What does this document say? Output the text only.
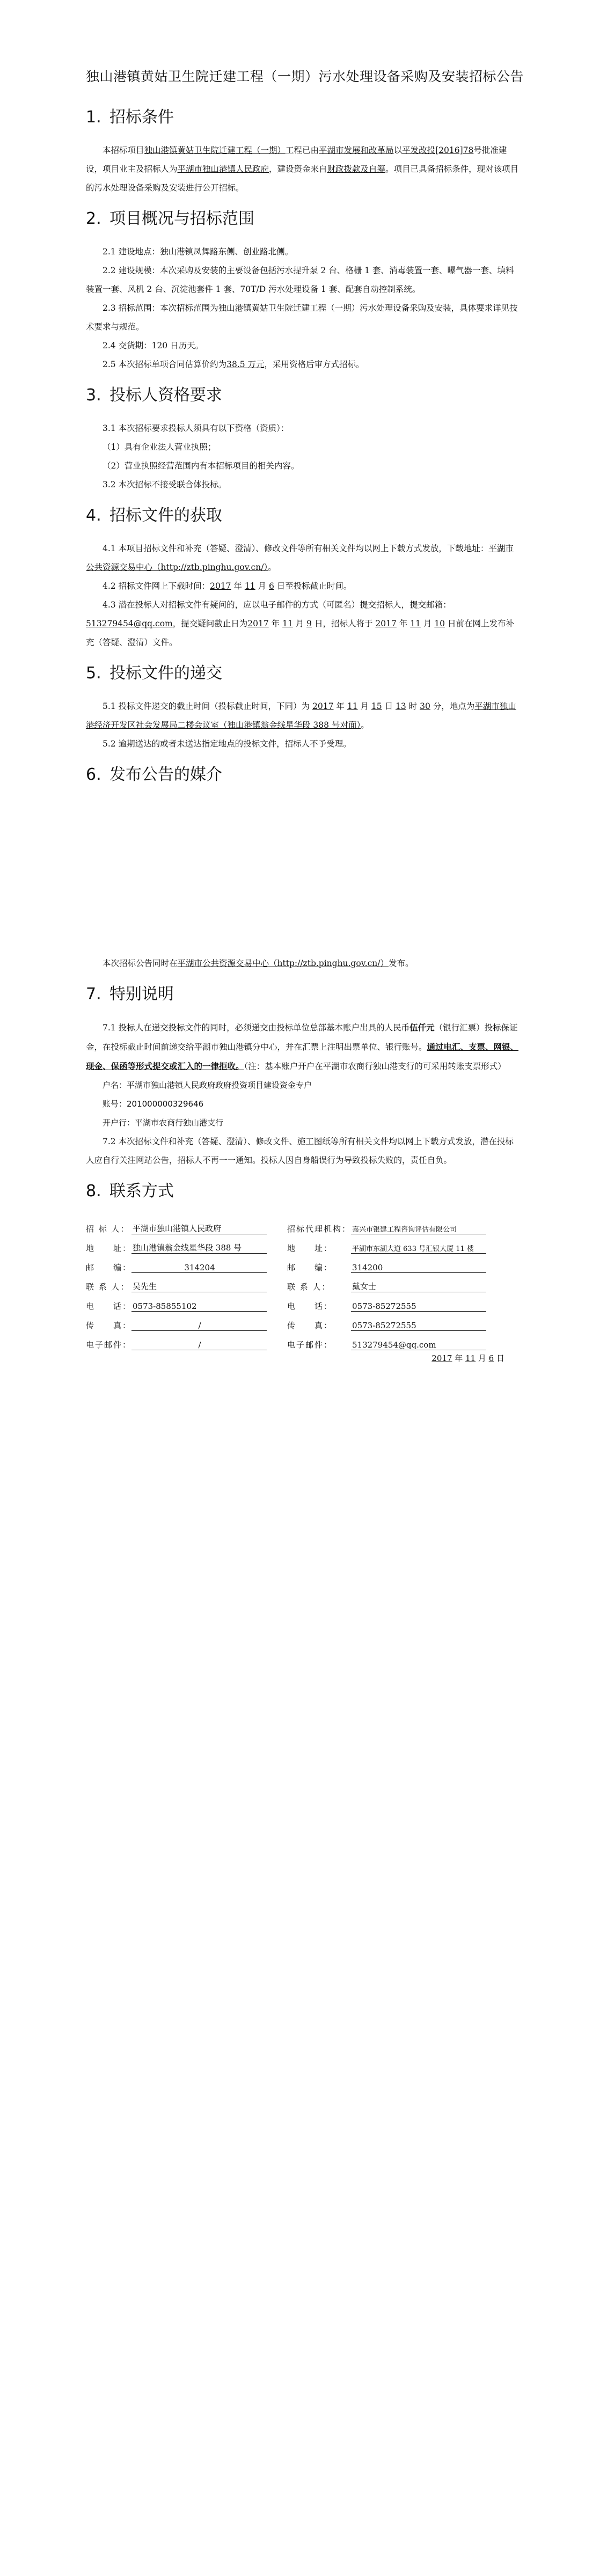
独山港镇黄姑卫生院迁建工程（一期）污水处理设备采购及安装招标公告
1. 招标条件

本招标项目独山港镇黄姑卫生院迁建工程（一期）工程已由平湖市发展和改革局以平发改投[2016]78号批准建设，项目业主及招标人为平湖市独山港镇人民政府，建设资金来自财政拨款及自筹。项目已具备招标条件，现对该项目的污水处理设备采购及安装进行公开招标。

2. 项目概况与招标范围

2.1 建设地点：独山港镇凤舞路东侧、创业路北侧。

2.2 建设规模：本次采购及安装的主要设备包括污水提升泵 2 台、格栅 1 套、消毒装置一套、曝气器一套、填料装置一套、风机 2 台、沉淀池套件 1 套、70T/D 污水处理设备 1 套、配套自动控制系统。

2.3 招标范围：本次招标范围为独山港镇黄姑卫生院迁建工程（一期）污水处理设备采购及安装，具体要求详见技术要求与规范。

2.4 交货期：120 日历天。

2.5 本次招标单项合同估算价约为38.5 万元，采用资格后审方式招标。

3. 投标人资格要求

3.1 本次招标要求投标人须具有以下资格（资质）：

（1）具有企业法人营业执照；

（2）营业执照经营范围内有本招标项目的相关内容。

3.2 本次招标不接受联合体投标。

4. 招标文件的获取

4.1 本项目招标文件和补充（答疑、澄清）、修改文件等所有相关文件均以网上下载方式发放，下载地址：平湖市公共资源交易中心（http://ztb.pinghu.gov.cn/）。

4.2 招标文件网上下载时间：2017 年 11 月 6 日至投标截止时间。

4.3 潜在投标人对招标文件有疑问的，应以电子邮件的方式（可匿名）提交招标人，提交邮箱：513279454@qq.com，提交疑问截止日为2017 年 11 月 9 日，招标人将于 2017 年 11 月 10 日前在网上发布补充（答疑、澄清）文件。

5. 投标文件的递交

5.1 投标文件递交的截止时间（投标截止时间，下同）为 2017 年 11 月 15 日 13 时 30 分，地点为平湖市独山港经济开发区社会发展局二楼会议室（独山港镇翁金线星华段 388 号对面）。

5.2 逾期送达的或者未送达指定地点的投标文件，招标人不予受理。

6. 发布公告的媒介

本次招标公告同时在平湖市公共资源交易中心（http://ztb.pinghu.gov.cn/）发布。

7. 特别说明

7.1 投标人在递交投标文件的同时，必须递交由投标单位总部基本账户出具的人民币伍仟元（银行汇票）投标保证金，在投标截止时间前递交给平湖市独山港镇分中心，并在汇票上注明出票单位、银行账号。通过电汇、支票、网银、现金、保函等形式提交或汇入的一律拒收。（注：基本账户开户在平湖市农商行独山港支行的可采用转账支票形式）

户名：平湖市独山港镇人民政府政府投资项目建设资金专户

账号：201000000329646

开户行：平湖市农商行独山港支行

7.2 本次招标文件和补充（答疑、澄清）、修改文件、施工图纸等所有相关文件均以网上下载方式发放，潜在投标人应自行关注网站公告，招标人不再一一通知。投标人因自身船误行为导致投标失败的，责任自负。

8. 联系方式
招 标 人：	平湖市独山港镇人民政府	招标代理机构：	嘉兴市银建工程咨询评估有限公司
地　　址：	独山港镇翁金线星华段 388 号	地　　址：	平湖市东湖大道 633 号汇银大厦 11 楼
邮　　编：	314204	邮　　编：	314200
联 系 人：	吴先生	联 系 人：	戴女士
电　　话：	0573-85855102	电　　话：	0573-85272555
传　　真：	/	传　　真：	0573-85272555
电子邮件：	/	电子邮件：	513279454@qq.com
2017 年 11 月 6 日
